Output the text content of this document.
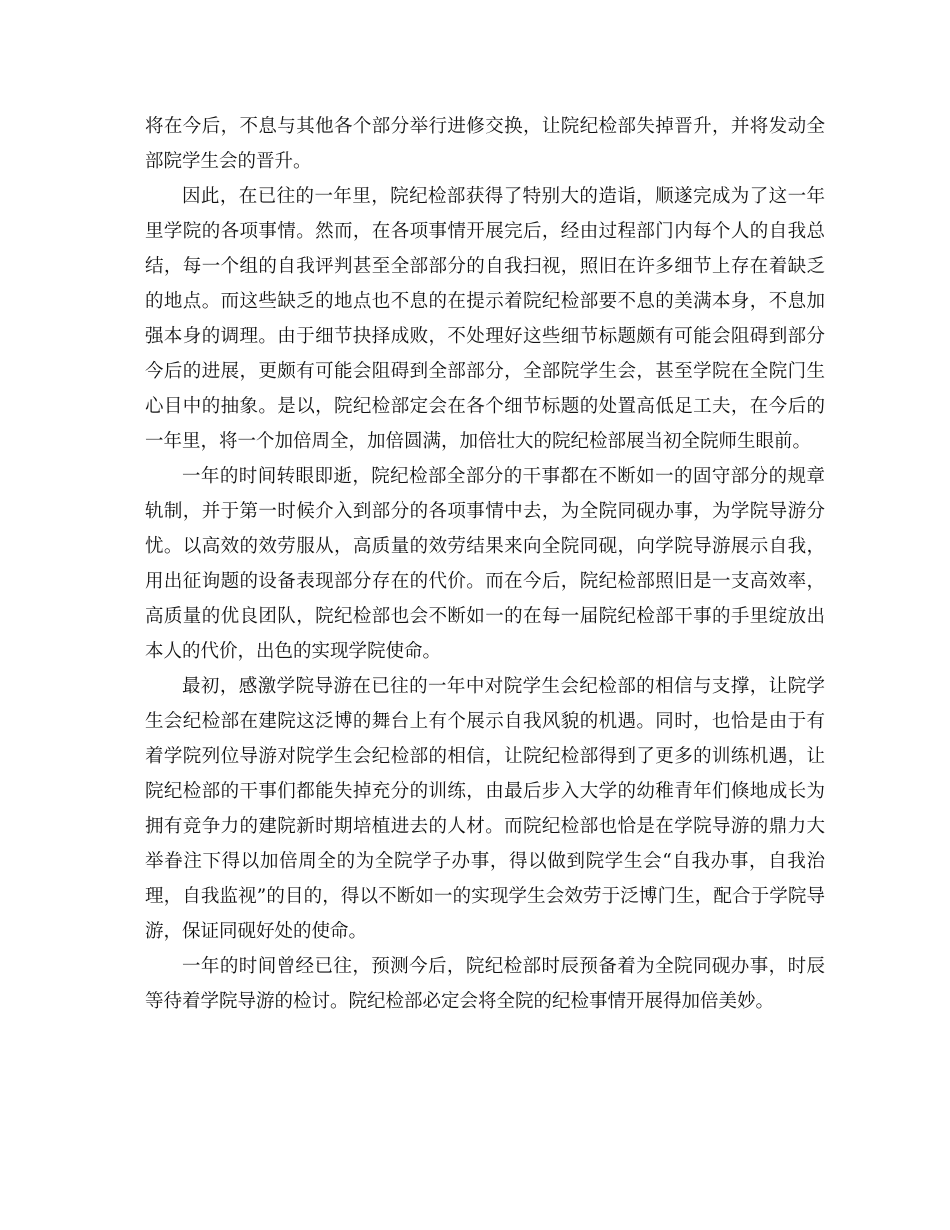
将在今后，不息与其他各个部分举行进修交换，让院纪检部失掉晋升，并将发动全部院学生会的晋升。

因此，在已往的一年里，院纪检部获得了特别大的造诣，顺遂完成为了这一年里学院的各项事情。然而，在各项事情开展完后，经由过程部门内每个人的自我总结，每一个组的自我评判甚至全部部分的自我扫视，照旧在许多细节上存在着缺乏的地点。而这些缺乏的地点也不息的在提示着院纪检部要不息的美满本身，不息加强本身的调理。由于细节抉择成败，不处理好这些细节标题颇有可能会阻碍到部分今后的进展，更颇有可能会阻碍到全部部分，全部院学生会，甚至学院在全院门生心目中的抽象。是以，院纪检部定会在各个细节标题的处置高低足工夫，在今后的一年里，将一个加倍周全，加倍圆满，加倍壮大的院纪检部展当初全院师生眼前。

一年的时间转眼即逝，院纪检部全部分的干事都在不断如一的固守部分的规章轨制，并于第一时候介入到部分的各项事情中去，为全院同砚办事，为学院导游分忧。以高效的效劳服从，高质量的效劳结果来向全院同砚，向学院导游展示自我，用出征询题的设备表现部分存在的代价。而在今后，院纪检部照旧是一支高效率，高质量的优良团队，院纪检部也会不断如一的在每一届院纪检部干事的手里绽放出本人的代价，出色的实现学院使命。

最初，感激学院导游在已往的一年中对院学生会纪检部的相信与支撑，让院学生会纪检部在建院这泛博的舞台上有个展示自我风貌的机遇。同时，也恰是由于有着学院列位导游对院学生会纪检部的相信，让院纪检部得到了更多的训练机遇，让院纪检部的干事们都能失掉充分的训练，由最后步入大学的幼稚青年们倏地成长为拥有竞争力的建院新时期培植进去的人材。而院纪检部也恰是在学院导游的鼎力大举眷注下得以加倍周全的为全院学子办事，得以做到院学生会“自我办事，自我治理，自我监视”的目的，得以不断如一的实现学生会效劳于泛博门生，配合于学院导游，保证同砚好处的使命。

一年的时间曾经已往，预测今后，院纪检部时辰预备着为全院同砚办事，时辰等待着学院导游的检讨。院纪检部必定会将全院的纪检事情开展得加倍美妙。
